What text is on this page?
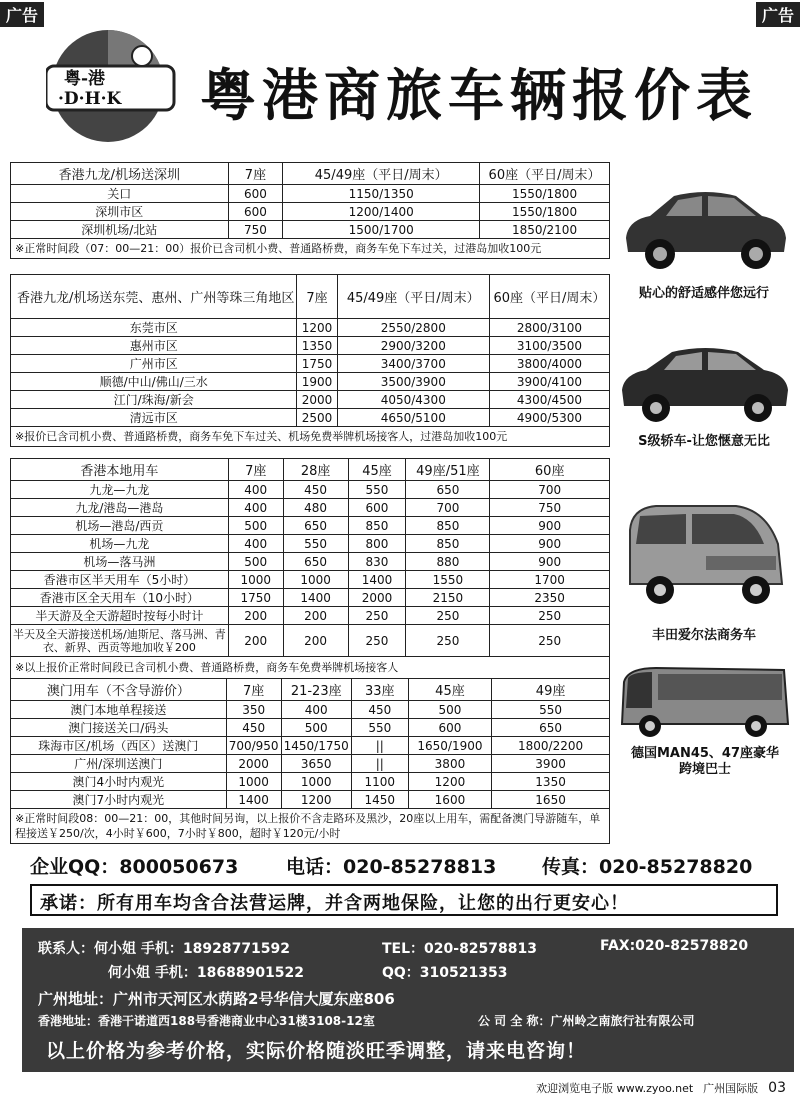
广告	广告
粤-港
·D·H·K 粤港商旅车辆报价表
香港九龙/机场送深圳	7座	45/49座（平日/周末）	60座（平日/周末）
关口	600	1150/1350	1550/1800
深圳市区	600	1200/1400	1550/1800
深圳机场/北站	750	1500/1700	1850/2100
※正常时间段（07：00—21：00）报价已含司机小费、普通路桥费，商务车免下车过关，过港岛加收100元			
香港九龙/机场送东莞、惠州、广州等珠三角地区	7座	45/49座（平日/周末）	60座（平日/周末）
东莞市区	1200	2550/2800	2800/3100
惠州市区	1350	2900/3200	3100/3500
广州市区	1750	3400/3700	3800/4000
顺德/中山/佛山/三水	1900	3500/3900	3900/4100
江门/珠海/新会	2000	4050/4300	4300/4500
清远市区	2500	4650/5100	4900/5300
※报价已含司机小费、普通路桥费，商务车免下车过关、机场免费举牌机场接客人，过港岛加收100元			
香港本地用车	7座	28座	45座	49座/51座	60座
九龙—九龙	400	450	550	650	700
九龙/港岛—港岛	400	480	600	700	750
机场—港岛/西贡	500	650	850	850	900
机场—九龙	400	550	800	850	900
机场—落马洲	500	650	830	880	900
香港市区半天用车（5小时）	1000	1000	1400	1550	1700
香港市区全天用车（10小时）	1750	1400	2000	2150	2350
半天游及全天游超时按每小时计	200	200	250	250	250
半天及全天游接送机场/迪斯尼、落马洲、青衣、新界、西贡等地加收￥200	200	200	250	250	250
※以上报价正常时间段已含司机小费、普通路桥费，商务车免费举牌机场接客人					
澳门用车（不含导游价）	7座	21-23座	33座	45座	49座
澳门本地单程接送	350	400	450	500	550
澳门接送关口/码头	450	500	550	600	650
珠海市区/机场（西区）送澳门	700/950	1450/1750	||	1650/1900	1800/2200
广州/深圳送澳门	2000	3650	||	3800	3900
澳门4小时内观光	1000	1000	1100	1200	1350
澳门7小时内观光	1400	1200	1450	1600	1650
※正常时间段08：00—21：00，其他时间另询，以上报价不含走路环及黑沙，20座以上用车，需配备澳门导游随车，单程接送￥250/次，4小时￥600，7小时￥800，超时￥120元/小时					
贴心的舒适感伴您远行
S级轿车-让您惬意无比
丰田爱尔法商务车
德国MAN45、47座豪华跨境巴士
企业QQ：800050673	电话：020-85278813	传真：020-85278820
承诺：所有用车均含合法营运牌，并含两地保险，让您的出行更安心！
联系人：何小姐 手机：18928771592	TEL：020-82578813	FAX:020-82578820
何小姐 手机：18688901522	QQ：310521353
广州地址：广州市天河区水荫路2号华信大厦东座806
香港地址：香港干诺道西188号香港商业中心31楼3108-12室	公 司 全 称：广州岭之南旅行社有限公司
以上价格为参考价格，实际价格随淡旺季调整，请来电咨询！
欢迎浏览电子版 www.zyoo.net 广州国际版 03
